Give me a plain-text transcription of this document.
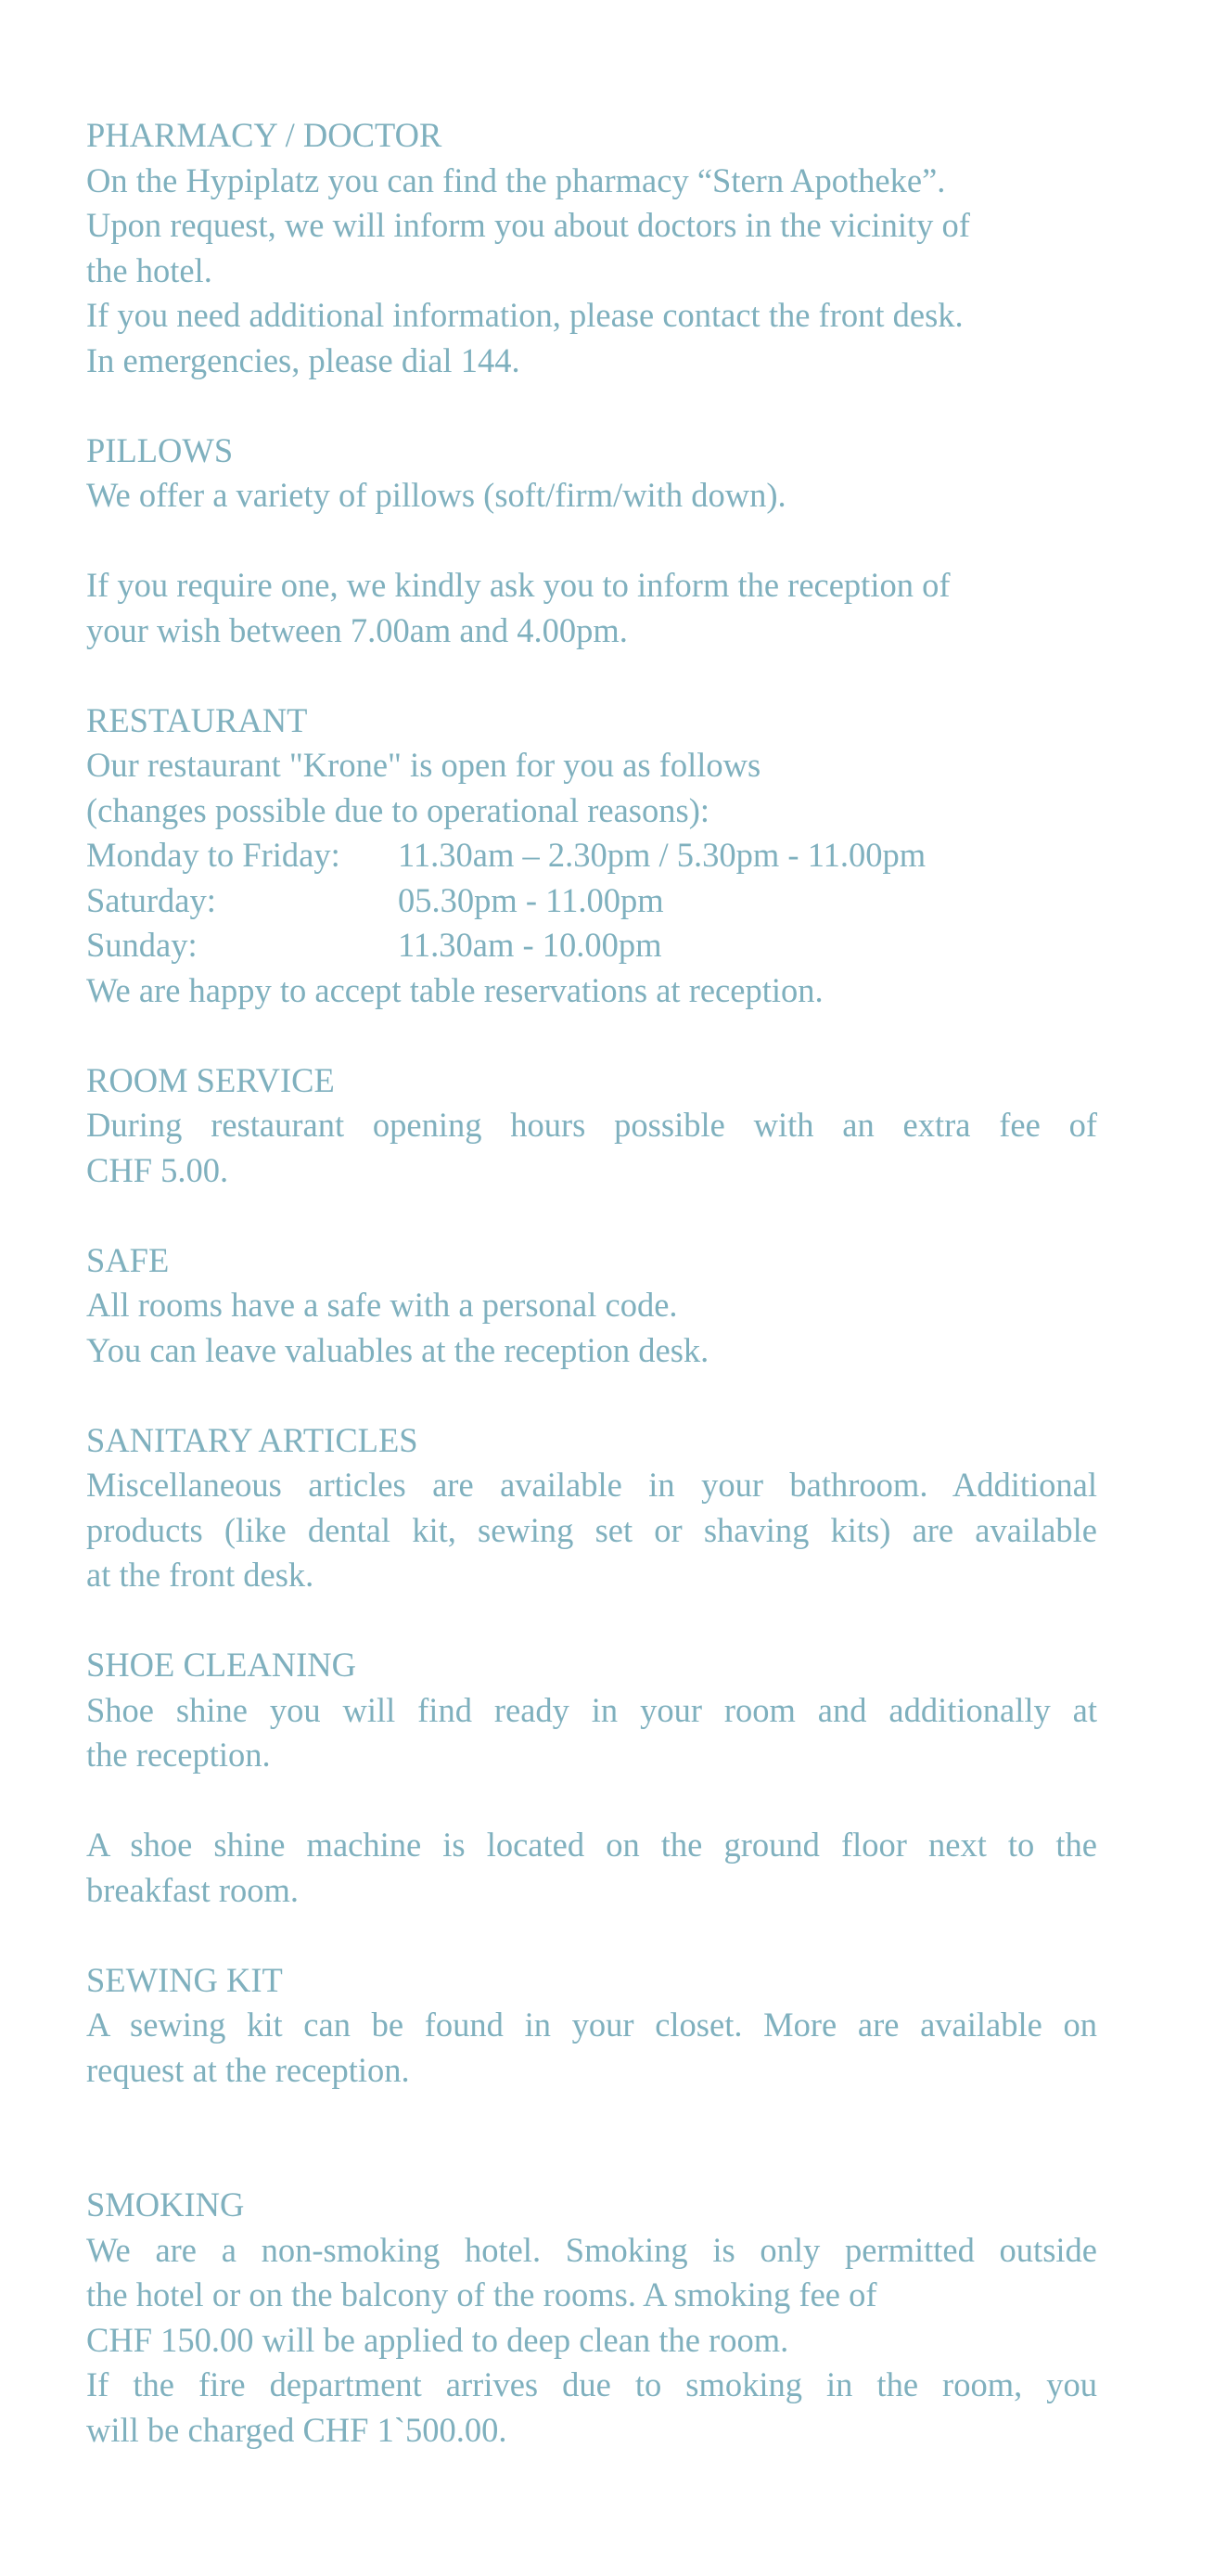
PHARMACY / DOCTOR
On the Hypiplatz you can find the pharmacy “Stern Apotheke”.
Upon request, we will inform you about doctors in the vicinity of
the hotel.
If you need additional information, please contact the front desk.
In emergencies, please dial 144.
PILLOWS
We offer a variety of pillows (soft/firm/with down).
If you require one, we kindly ask you to inform the reception of
your wish between 7.00am and 4.00pm.
RESTAURANT
Our restaurant "Krone" is open for you as follows
(changes possible due to operational reasons):
Monday to Friday:	11.30am – 2.30pm / 5.30pm - 11.00pm
Saturday:	05.30pm - 11.00pm
Sunday:	11.30am - 10.00pm
We are happy to accept table reservations at reception.
ROOM SERVICE
During restaurant opening hours possible with an extra fee of
CHF 5.00.
SAFE
All rooms have a safe with a personal code.
You can leave valuables at the reception desk.
SANITARY ARTICLES
Miscellaneous articles are available in your bathroom. Additional
products (like dental kit, sewing set or shaving kits) are available
at the front desk.
SHOE CLEANING
Shoe shine you will find ready in your room and additionally at
the reception.
A shoe shine machine is located on the ground floor next to the
breakfast room.
SEWING KIT
A sewing kit can be found in your closet. More are available on
request at the reception.
SMOKING
We are a non-smoking hotel. Smoking is only permitted outside
the hotel or on the balcony of the rooms. A smoking fee of
CHF 150.00 will be applied to deep clean the room.
If the fire department arrives due to smoking in the room, you
will be charged CHF 1`500.00.
